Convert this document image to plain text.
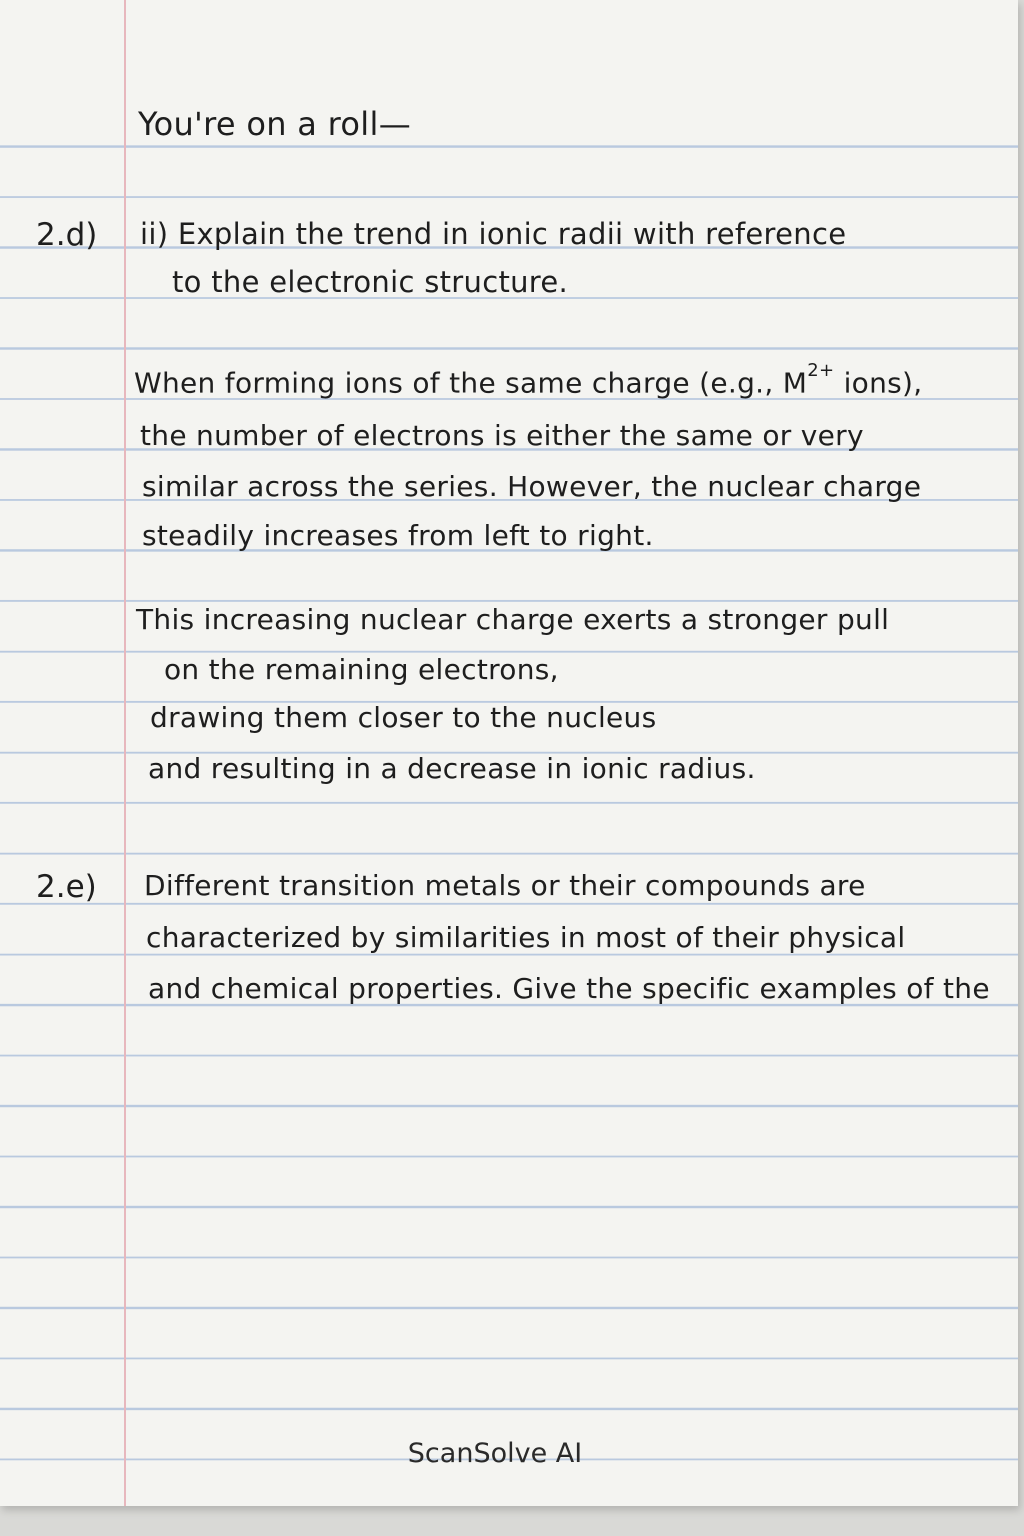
You're on a roll—
2.d) ii) Explain the trend in ionic radii with reference
to the electronic structure.
When forming ions of the same charge (e.g., $M^{2+}$ ions),
the number of electrons is either the same or very
similar across the series. However, the nuclear charge
steadily increases from left to right.
This increasing nuclear charge exerts a stronger pull
on the remaining electrons,
drawing them closer to the nucleus
and resulting in a decrease in ionic radius.
2.e) Different transition metals or their compounds are
characterized by similarities in most of their physical
and chemical properties. Give the specific examples of the
ScanSolve AI
